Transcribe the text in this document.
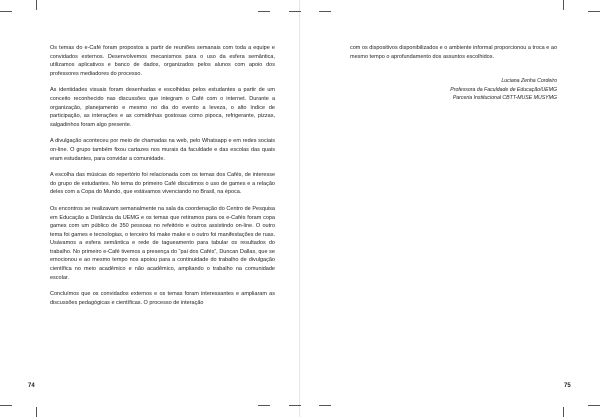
Os temas do e-Café foram propostos a partir de reuniões semanais com toda a equipe e convidados externos. Desenvolvemos mecanismos para o uso da esfera semântica, utilizamos aplicativos e banco de dados, organizados pelos alunos com apoio dos professores mediadores do processo.

As identidades visuais foram desenhadas e escolhidas pelos estudantes a partir de um conceito reconhecido nas discussões que integram o Café com o internet. Durante a organização, planejamento e mesmo no dia do evento a leveza, o alto índice de participação, as interações e as comidinhas gostosas como pipoca, refrigerante, pizzas, salgadinhos foram algo presente.

A divulgação aconteceu por meio de chamadas na web, pelo Whatsapp e em redes sociais on-line. O grupo também fixou cartazes nos murais da faculdade e das escolas das quais eram estudantes, para convidar a comunidade.

A escolha das músicas do repertório foi relacionada com os temas dos Cafés, de interesse do grupo de estudantes. No tema do primeiro Café discutimos o uso de games e a relação deles com a Copa do Mundo, que estávamos vivenciando no Brasil, na época.

Os encontros se realizavam semanalmente na sala da coordenação do Centro de Pesquisa em Educação a Distância da UEMG e os temas que retiramos para os e-Cafés foram copa games com um público de 350 pessoas no refeitório e outros assistindo on-line. O outro tema foi games e tecnologias, o terceiro foi make make e o outro foi manifestações de ruas. Usávamos a esfera semântica e rede de tagueamento para tabular os resultados do trabalho. No primeiro e-Café tivemos a presença do “pai dos Cafés”, Duncan Dallas, que se emocionou e ao mesmo tempo nos apoiou para a continuidade do trabalho de divulgação científica no meio acadêmico e não acadêmico, ampliando o trabalho na comunidade escolar.

Concluímos que os convidados externos e os temas foram interessantes e ampliaram as discussões pedagógicas e científicas. O processo de interação

com os dispositivos disponibilizados e o ambiente informal proporcionou a troca e ao mesmo tempo o aprofundamento dos assuntos escolhidos.

Luciana Zenha Cordeiro
Professora da Faculdade de Educação/UEMG
Parceria Institucional CBTT-MUSE MUSYMG
74	75
